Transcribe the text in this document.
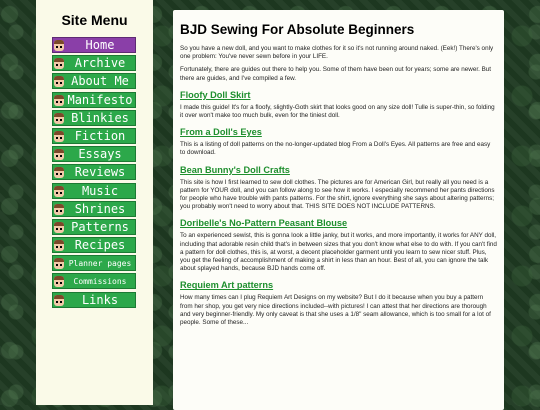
Site Menu
Home
Archive
About Me
Manifesto
Blinkies
Fiction
Essays
Reviews
Music
Shrines
Patterns
Recipes
Planner pages
Commissions
Links
BJD Sewing For Absolute Beginners

So you have a new doll, and you want to make clothes for it so it's not running around naked. (Eek!) There's only one problem: You've never sewn before in your LIFE.

Fortunately, there are guides out there to help you. Some of them have been out for years; some are newer. But there are guides, and I've compiled a few.

Floofy Doll Skirt

I made this guide! It's for a floofy, slightly-Goth skirt that looks good on any size doll! Tulle is super-thin, so folding it over won't make too much bulk, even for the tiniest doll.

From a Doll's Eyes

This is a listing of doll patterns on the no-longer-updated blog From a Doll's Eyes. All patterns are free and easy to download.

Bean Bunny's Doll Crafts

This site is how I first learned to sew doll clothes. The pictures are for American Girl, but really all you need is a pattern for YOUR doll, and you can follow along to see how it works. I especially recommend her pants directions for people who have trouble with pants patterns. For the shirt, ignore everything she says about altering patterns; you probably won't need to worry about that. THIS SITE DOES NOT INCLUDE PATTERNS.

Doribelle's No-Pattern Peasant Blouse

To an experienced sewist, this is gonna look a little janky, but it works, and more importantly, it works for ANY doll, including that adorable resin child that's in between sizes that you don't know what else to do with. If you can't find a pattern for doll clothes, this is, at worst, a decent placeholder garment until you learn to sew nicer stuff. Plus, you get the feeling of accomplishment of making a shirt in less than an hour. Best of all, you can ignore the talk about splayed hands, because BJD hands come off.

Requiem Art patterns

How many times can I plug Requiem Art Designs on my website? But I do it because when you buy a pattern from her shop, you get very nice directions included--with pictures! I can attest that her directions are thorough and very beginner-friendly. My only caveat is that she uses a 1/8" seam allowance, which is too small for a lot of people. Some of these...
